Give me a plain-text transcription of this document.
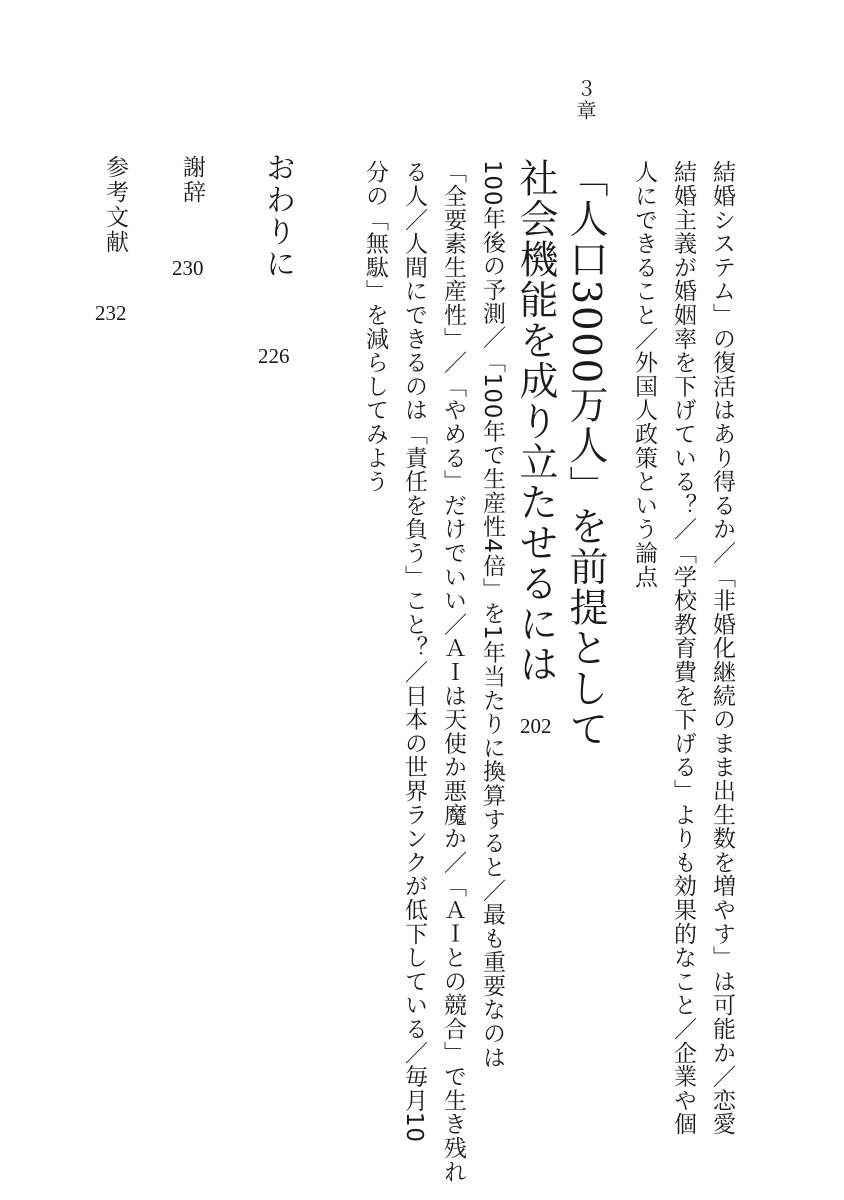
結婚システム」の復活はあり得るか／「非婚化継続のまま出生数を増やす」は可能か／恋愛

結婚主義が婚姻率を下げている？／「学校教育費を下げる」よりも効果的なこと／企業や個

人にできること／外国人政策という論点

３章

「人口3000万人」を前提として

社会機能を成り立たせるには

202

100年後の予測／「100年で生産性4倍」を1年当たりに換算すると／最も重要なのは

「全要素生産性」／「やめる」だけでいい／ＡＩは天使か悪魔か／「ＡＩとの競合」で生き残れ

る人／人間にできるのは「責任を負う」こと？／日本の世界ランクが低下している／毎月10

分の「無駄」を減らしてみよう

おわりに

226

謝辞

230

参考文献

232
